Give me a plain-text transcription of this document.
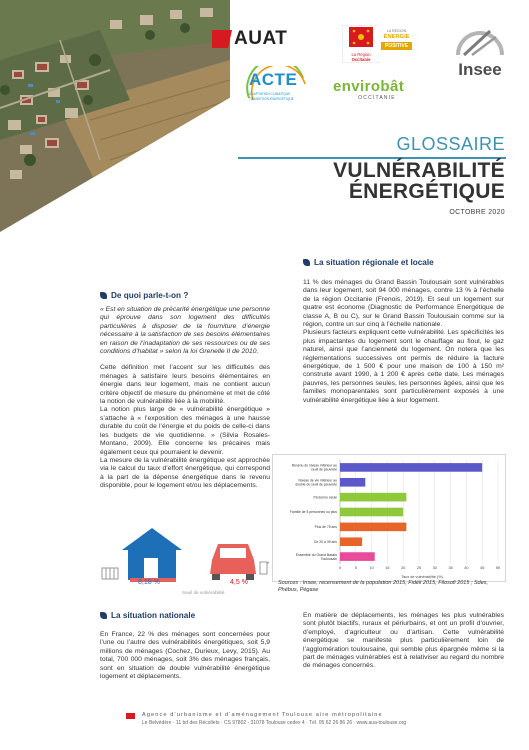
AUAT
La Région
Occitanie
LA RÉGION
ÉNERGIE
POSITIVE
Insee
ACTE
ADAPTATION CLIMATIQUE
TRANSITION ÉNERGÉTIQUE
envirobât
OCCITANIE
GLOSSAIRE
VULNÉRABILITÉ
ÉNERGÉTIQUE
OCTOBRE 2020
De quoi parle-t-on ?

« Est en situation de précarité énergétique une personne qui éprouve dans son logement des difficultés particulières à disposer de la fourniture d’énergie nécessaire à la satisfaction de ses besoins élémentaires en raison de l’inadaptation de ses ressources ou de ses conditions d’habitat » selon la loi Grenelle II de 2010.

Cette définition met l’accent sur les difficultés des ménages à satisfaire leurs besoins élémentaires en énergie dans leur logement, mais ne contient aucun critère objectif de mesure du phénomène et met de côté la notion de vulnérabilité liée à la mobilité.

La notion plus large de « vulnérabilité énergétique » s’attache à « l’exposition des ménages à une hausse durable du coût de l’énergie et du poids de celle-ci dans les budgets de vie quotidienne. » (Silvia Rosales-Montano, 2009). Elle concerne les précaires mais également ceux qui pourraient le devenir.

La mesure de la vulnérabilité énergétique est approchée via le calcul du taux d’effort énergétique, qui correspond à la part de la dépense énergétique dans le revenu disponible, pour le logement et/ou les déplacements.

8,18 %	4,5 %
Seuil de vulnérabilité
La situation nationale

En France, 22 % des ménages sont concernées pour l’une ou l’autre des vulnérabilités énergétiques, soit 5,9 millions de ménages (Cochez, Durieux, Levy, 2015). Au total, 700 000 ménages, soit 3% des ménages français, sont en situation de double vulnérabilité énergétique logement et déplacements.

La situation régionale et locale

11 % des ménages du Grand Bassin Toulousain sont vulnérables dans leur logement, soit 94 000 ménages, contre 13 % à l’échelle de la région Occitanie (Frenois, 2019). Et seul un logement sur quatre est économe (Diagnostic de Performance Energétique de classe A, B ou C), sur le Grand Bassin Toulousain comme sur la région, contre un sur cinq à l’échelle nationale.

Plusieurs facteurs expliquent cette vulnérabilité. Les spécificités les plus impactantes du logement sont le chauffage au fioul, le gaz naturel, ainsi que l’ancienneté du logement. On notera que les réglementations successives ont permis de réduire la facture énergétique, de 1 500 € pour une maison de 100 à 150 m² construite avant 1990, à 1 200 € après cette date. Les ménages pauvres, les personnes seules, les personnes âgées, ainsi que les familles monoparentales sont particulièrement exposés à une vulnérabilité énergétique liée à leur logement.

Revenu du niveau inférieur au seuil de pauvreté
Niveau de vie inférieur au double du seuil de pauvreté
Personne seule
Famille de 5 personnes ou plus
Plus de 75 ans
De 20 à 39 ans
Ensemble du Grand Bassin Toulousain
0	5	10	15	20	25	30	35	40	45	50
Taux de vulnérabilité (%)
Sources : Insee, recensement de la population 2015, Fidéli 2015, Filosofi 2015 ; Sdes, Phébus, Pégase

En matière de déplacements, les ménages les plus vulnérables sont plutôt biactifs, ruraux et périurbains, et ont un profil d’ouvrier, d’employé, d’agriculteur ou d’artisan. Cette vulnérabilité énergétique se manifeste plus particulièrement loin de l’agglomération toulousaine, qui semble plus épargnée même si la part de ménages vulnérables est à relativiser au regard du nombre de ménages concernés.

Agence d’urbanisme et d’aménagement Toulouse aire métropolitaine
Le Belvédère · 11 bd des Récollets · CS 97802 · 31078 Toulouse cedex 4 · Tél. 05 62 26 86 26 · www.aua-toulouse.org
